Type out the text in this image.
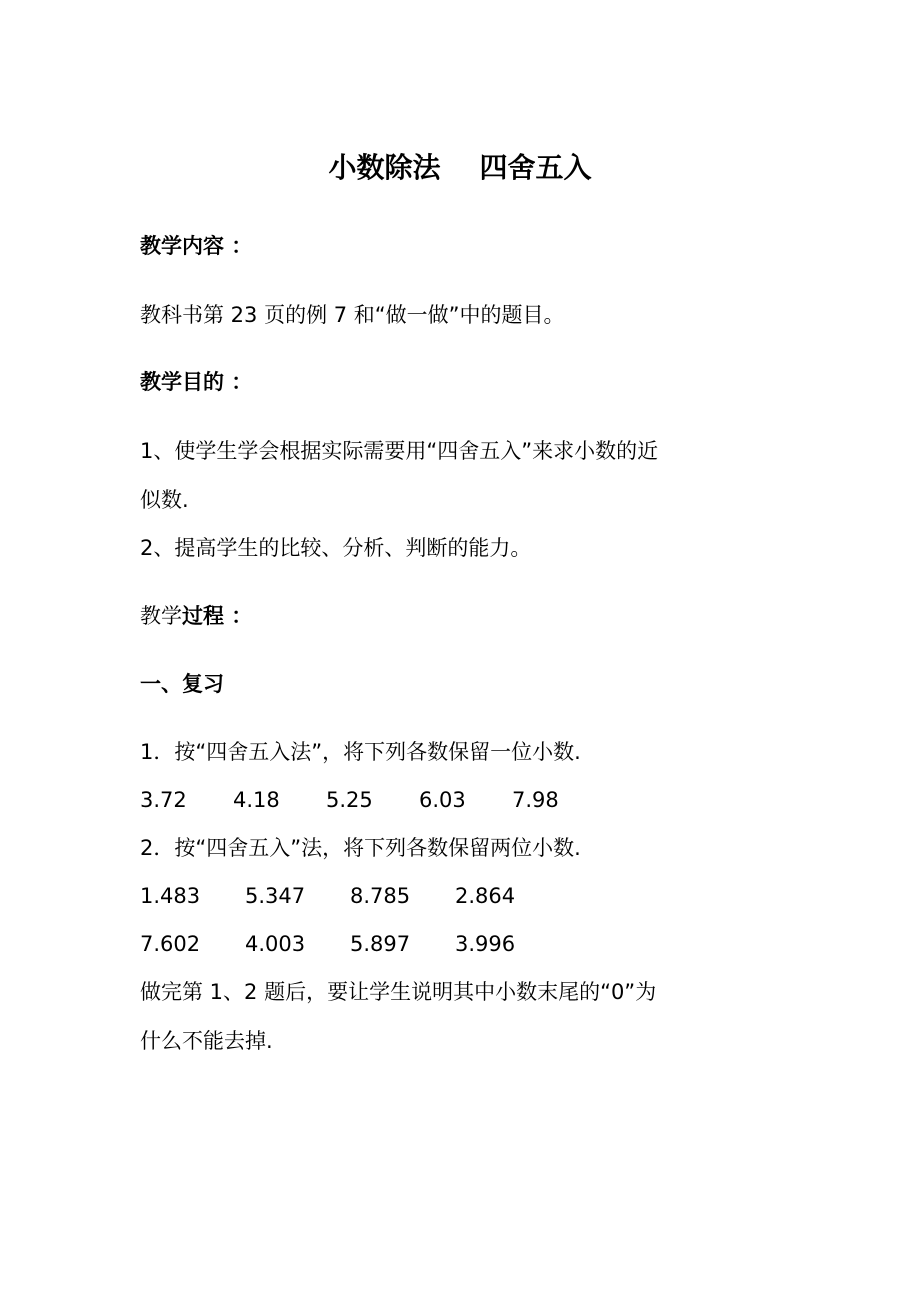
小数除法    四舍五入
教学内容 ：
教科书第 23 页的例 7 和“做一做”中的题目。
教学目的 ：
1、使学生学会根据实际需要用“四舍五入”来求小数的近
似数.
2、提高学生的比较、分析、判断的能力。
教学过程 ：
一、复习
1．按“四舍五入法”，将下列各数保留一位小数.
3.72 4.18 5.25 6.03 7.98
2．按“四舍五入”法，将下列各数保留两位小数.
1.483 5.347 8.785 2.864
7.602 4.003 5.897 3.996
做完第 1、2 题后，要让学生说明其中小数末尾的“0”为
什么不能去掉.
